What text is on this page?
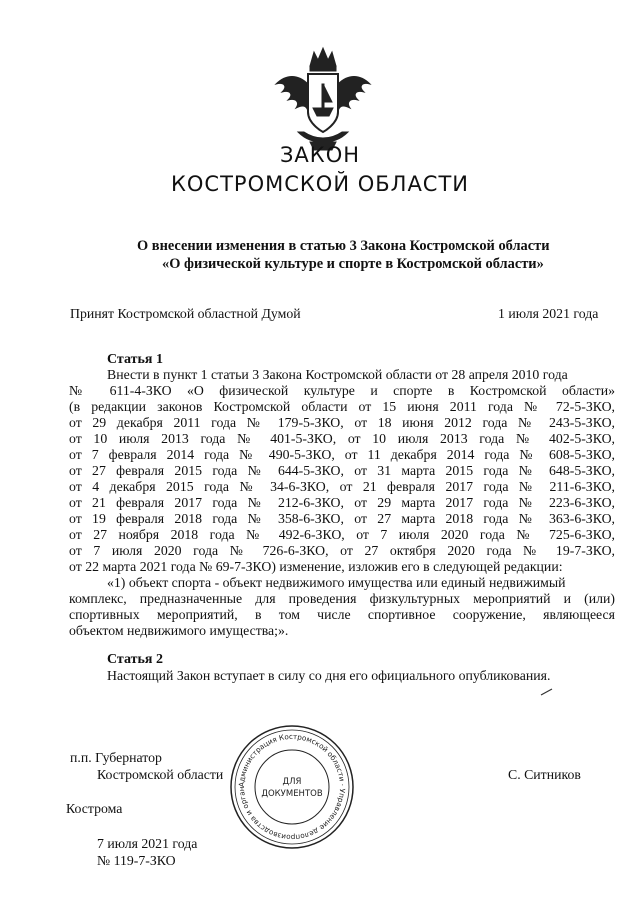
ЗАКОН
КОСТРОМСКОЙ ОБЛАСТИ
О внесении изменения в статью 3 Закона Костромской области
«О физической культуре и спорте в Костромской области»
Принят Костромской областной Думой	1 июля 2021 года
Статья 1
Внести в пункт 1 статьи 3 Закона Костромской области от 28 апреля 2010 года
№ 611-4-ЗКО «О физической культуре и спорте в Костромской области»
(в редакции законов Костромской области от 15 июня 2011 года № 72-5-ЗКО,
от 29 декабря 2011 года № 179-5-ЗКО, от 18 июня 2012 года № 243-5-ЗКО,
от 10 июля 2013 года № 401-5-ЗКО, от 10 июля 2013 года № 402-5-ЗКО,
от 7 февраля 2014 года № 490-5-ЗКО, от 11 декабря 2014 года № 608-5-ЗКО,
от 27 февраля 2015 года № 644-5-ЗКО, от 31 марта 2015 года № 648-5-ЗКО,
от 4 декабря 2015 года № 34-6-ЗКО, от 21 февраля 2017 года № 211-6-ЗКО,
от 21 февраля 2017 года № 212-6-ЗКО, от 29 марта 2017 года № 223-6-ЗКО,
от 19 февраля 2018 года № 358-6-ЗКО, от 27 марта 2018 года № 363-6-ЗКО,
от 27 ноября 2018 года № 492-6-ЗКО, от 7 июля 2020 года № 725-6-ЗКО,
от 7 июля 2020 года № 726-6-ЗКО, от 27 октября 2020 года № 19-7-ЗКО,
от 22 марта 2021 года № 69-7-ЗКО) изменение, изложив его в следующей редакции:
«1) объект спорта - объект недвижимого имущества или единый недвижимый
комплекс, предназначенные для проведения физкультурных мероприятий и (или)
спортивных мероприятий, в том числе спортивное сооружение, являющееся
объектом недвижимого имущества;».
Статья 2
Настоящий Закон вступает в силу со дня его официального опубликования.
п.п. Губернатор
Костромской области	С. Ситников
Администрация Костромской области · Управление делопроизводства и орган
ДЛЯ
ДОКУМЕНТОВ
Кострома
7 июля 2021 года
№ 119-7-ЗКО
